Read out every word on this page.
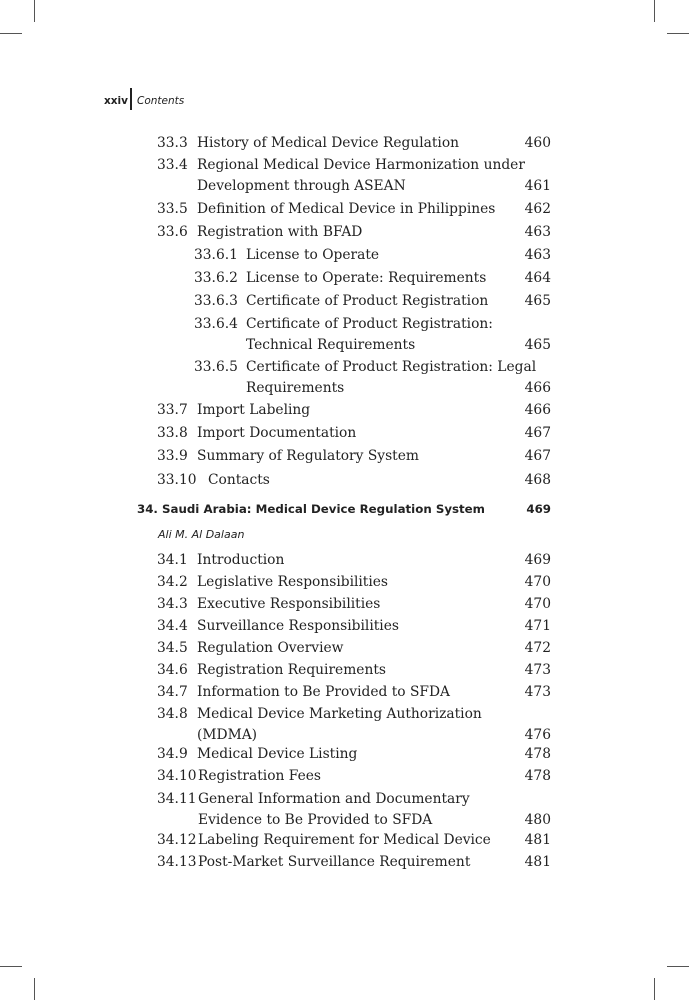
xxiv Contents
33.3 History of Medical Device Regulation	460
33.4 Regional Medical Device Harmonization under
Development through ASEAN	461
33.5 Definition of Medical Device in Philippines 462
33.6 Registration with BFAD	463
33.6.1 License to Operate	463
33.6.2 License to Operate: Requirements	464
33.6.3 Certificate of Product Registration	465
33.6.4 Certificate of Product Registration:
Technical Requirements	465
33.6.5 Certificate of Product Registration: Legal
Requirements	466
33.7 Import Labeling	466
33.8 Import Documentation	467
33.9 Summary of Regulatory System	467
33.10 Contacts	468
34. Saudi Arabia: Medical Device Regulation System	469
Ali M. Al Dalaan
34.1 Introduction	469
34.2 Legislative Responsibilities	470
34.3 Executive Responsibilities	470
34.4 Surveillance Responsibilities	471
34.5 Regulation Overview	472
34.6 Registration Requirements	473
34.7 Information to Be Provided to SFDA	473
34.8 Medical Device Marketing Authorization
(MDMA)	476
34.9 Medical Device Listing	478
34.10 Registration Fees	478
34.11 General Information and Documentary
Evidence to Be Provided to SFDA	480
34.12 Labeling Requirement for Medical Device 481
34.13 Post-Market Surveillance Requirement	481
